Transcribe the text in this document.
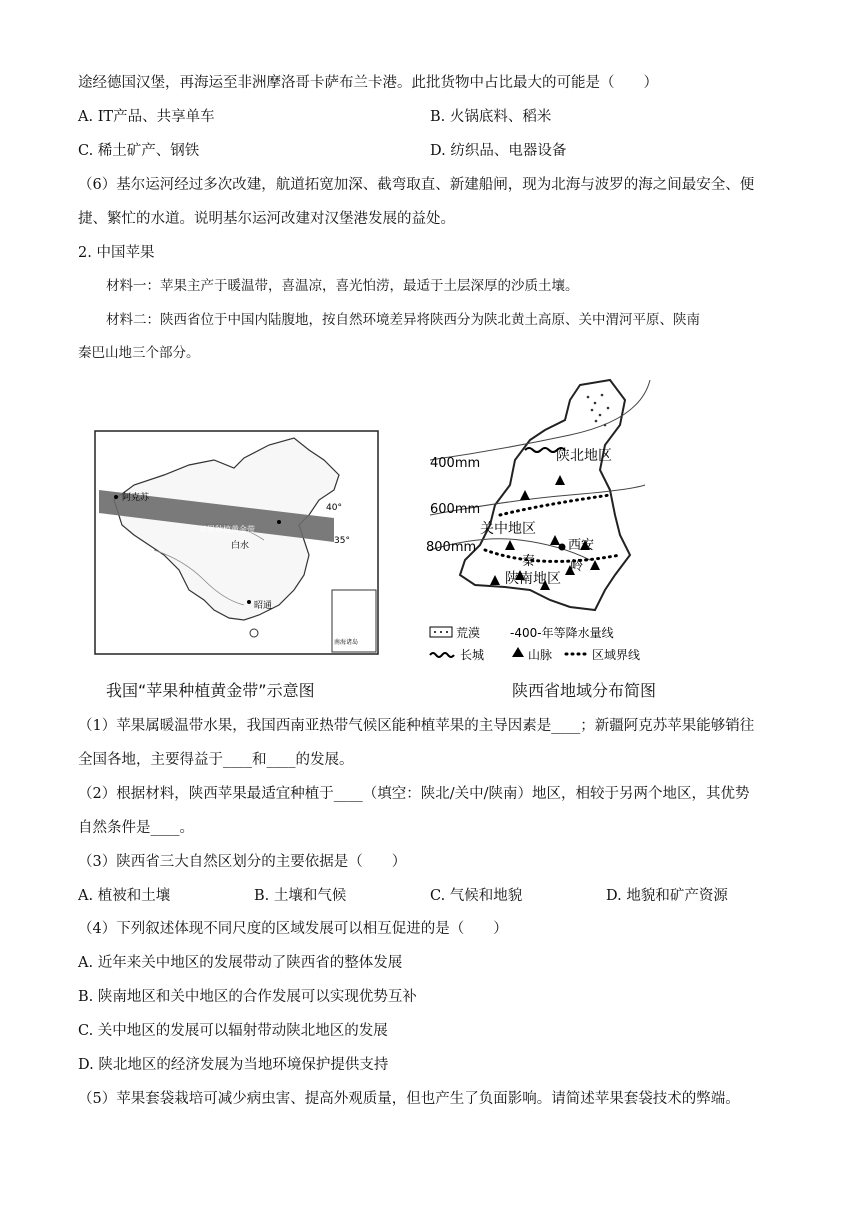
途经德国汉堡，再海运至非洲摩洛哥卡萨布兰卡港。此批货物中占比最大的可能是（　　）
A. IT产品、共享单车	B. 火锅底料、稻米
C. 稀土矿产、钢铁	D. 纺织品、电器设备
（6）基尔运河经过多次改建，航道拓宽加深、截弯取直、新建船闸，现为北海与波罗的海之间最安全、便
捷、繁忙的水道。说明基尔运河改建对汉堡港发展的益处。
2. 中国苹果
材料一：苹果主产于暖温带，喜温凉，喜光怕涝，最适于土层深厚的沙质土壤。
材料二：陕西省位于中国内陆腹地，按自然环境差异将陕西分为陕北黄土高原、关中渭河平原、陕南
秦巴山地三个部分。
阿克苏
苹果种植黄金带
白水
昭通
40°
35°
南海诸岛
400mm
600mm
800mm
陕北地区
关中地区
西安
秦	岭
陕南地区
荒漠 -400-年等降水量线
长城	山脉	区域界线
我国“苹果种植黄金带”示意图	陕西省地域分布简图
（1）苹果属暖温带水果，我国西南亚热带气候区能种植苹果的主导因素是____；新疆阿克苏苹果能够销往
全国各地，主要得益于____和____的发展。
（2）根据材料，陕西苹果最适宜种植于____（填空：陕北/关中/陕南）地区，相较于另两个地区，其优势
自然条件是____。
（3）陕西省三大自然区划分的主要依据是（　　）
A. 植被和土壤	B. 土壤和气候	C. 气候和地貌	D. 地貌和矿产资源
（4）下列叙述体现不同尺度的区域发展可以相互促进的是（　　）
A. 近年来关中地区的发展带动了陕西省的整体发展
B. 陕南地区和关中地区的合作发展可以实现优势互补
C. 关中地区的发展可以辐射带动陕北地区的发展
D. 陕北地区的经济发展为当地环境保护提供支持
（5）苹果套袋栽培可减少病虫害、提高外观质量，但也产生了负面影响。请简述苹果套袋技术的弊端。
